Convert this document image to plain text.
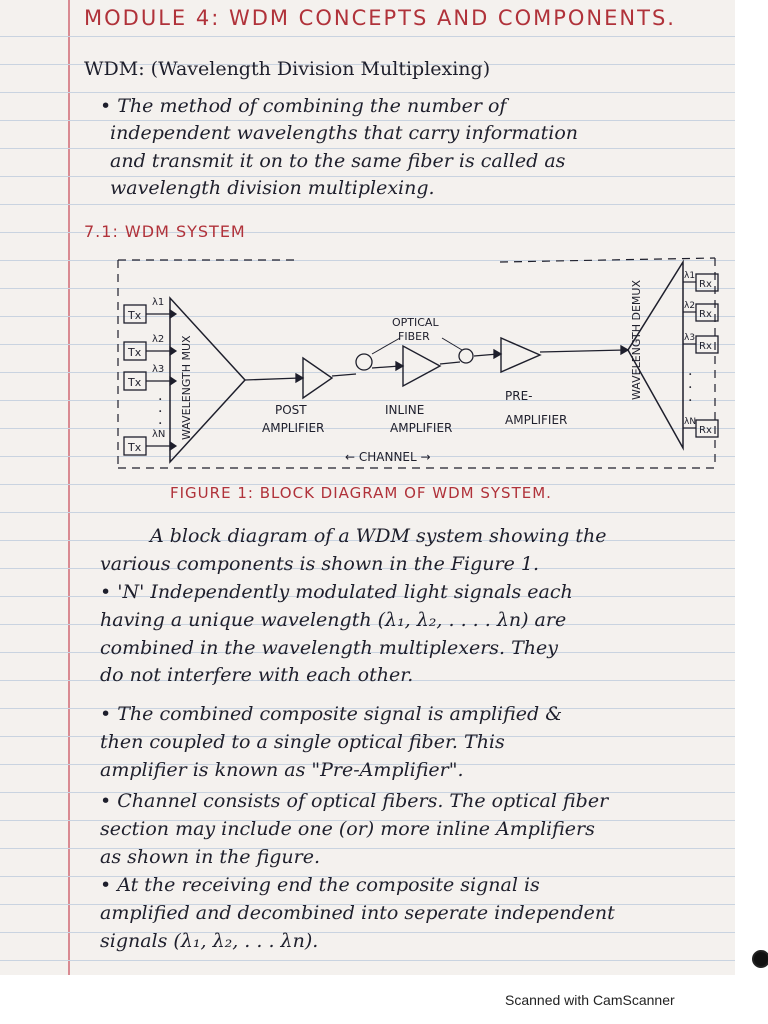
MODULE 4: WDM CONCEPTS AND COMPONENTS.
WDM: (Wavelength Division Multiplexing)
• The method of combining the number of
independent wavelengths that carry information
and transmit it on to the same fiber is called as
wavelength division multiplexing.
7.1: WDM SYSTEM
Tx
Tx
Tx
Tx
λ1
λ2
λ3
λN
.
.
. WAVELENGTH MUX	WAVELENGTH DEMUX
λ1
λ2
λ3
λN
.
.
.
Rx
Rx
Rx
Rx
OPTICAL
FIBER
POST
AMPLIFIER
INLINE
AMPLIFIER
PRE-
AMPLIFIER
← CHANNEL →
FIGURE 1: BLOCK DIAGRAM OF WDM SYSTEM.
A block diagram of a WDM system showing the
various components is shown in the Figure 1.
• 'N' Independently modulated light signals each
having a unique wavelength (λ₁, λ₂, . . . . λn) are
combined in the wavelength multiplexers. They
do not interfere with each other.
• The combined composite signal is amplified &
then coupled to a single optical fiber. This
amplifier is known as "Pre-Amplifier".
• Channel consists of optical fibers. The optical fiber
section may include one (or) more inline Amplifiers
as shown in the figure.
• At the receiving end the composite signal is
amplified and decombined into seperate independent
signals (λ₁, λ₂, . . . λn).
Scanned with CamScanner
